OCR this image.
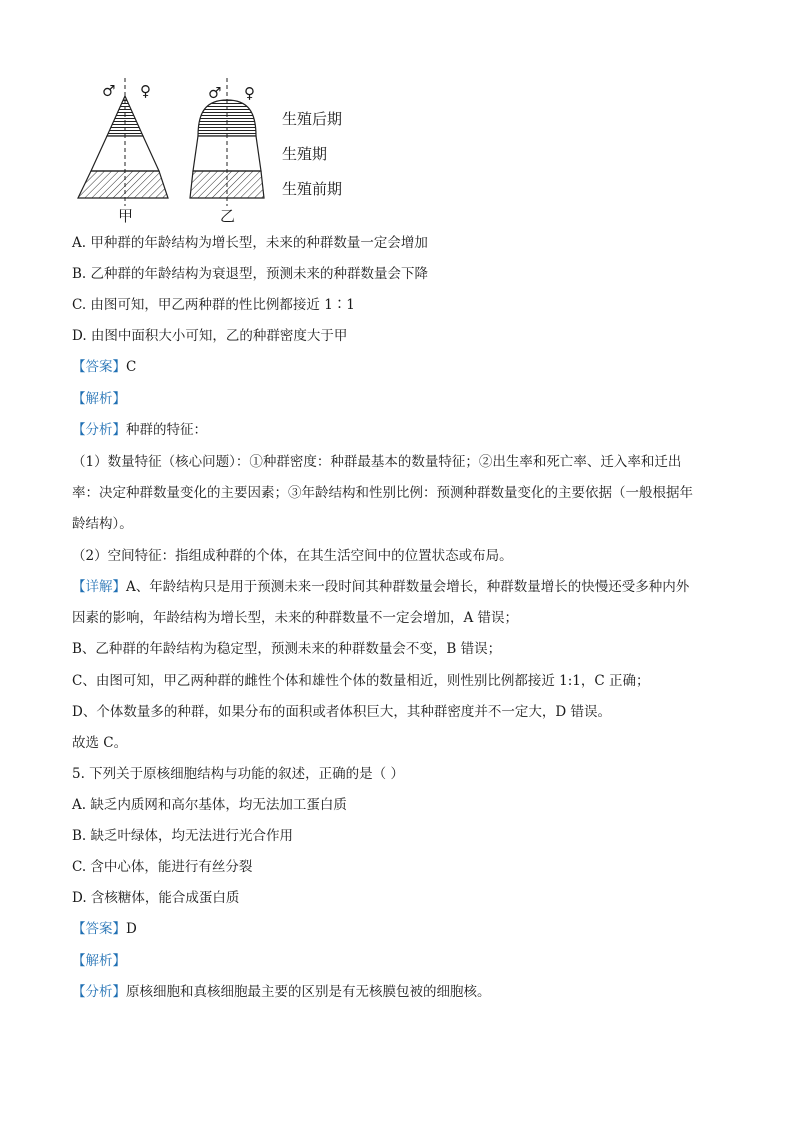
♂ ♀	♂ ♀
生殖后期
生殖期
生殖前期
甲	乙
A. 甲种群的年龄结构为增长型，未来的种群数量一定会增加
B. 乙种群的年龄结构为衰退型，预测未来的种群数量会下降
C. 由图可知，甲乙两种群的性比例都接近 1∶1
D. 由图中面积大小可知，乙的种群密度大于甲
【答案】C
【解析】
【分析】种群的特征：
（1）数量特征（核心问题）：①种群密度：种群最基本的数量特征；②出生率和死亡率、迁入率和迁出
率：决定种群数量变化的主要因素；③年龄结构和性别比例：预测种群数量变化的主要依据（一般根据年
龄结构）。
（2）空间特征：指组成种群的个体，在其生活空间中的位置状态或布局。
【详解】A、年龄结构只是用于预测未来一段时间其种群数量会增长，种群数量增长的快慢还受多种内外
因素的影响，年龄结构为增长型，未来的种群数量不一定会增加，A 错误；
B、乙种群的年龄结构为稳定型，预测未来的种群数量会不变，B 错误；
C、由图可知，甲乙两种群的雌性个体和雄性个体的数量相近，则性别比例都接近 1:1，C 正确；
D、个体数量多的种群，如果分布的面积或者体积巨大，其种群密度并不一定大，D 错误。
故选 C。
5. 下列关于原核细胞结构与功能的叙述，正确的是（ ）
A. 缺乏内质网和高尔基体，均无法加工蛋白质
B. 缺乏叶绿体，均无法进行光合作用
C. 含中心体，能进行有丝分裂
D. 含核糖体，能合成蛋白质
【答案】D
【解析】
【分析】原核细胞和真核细胞最主要的区别是有无核膜包被的细胞核。
